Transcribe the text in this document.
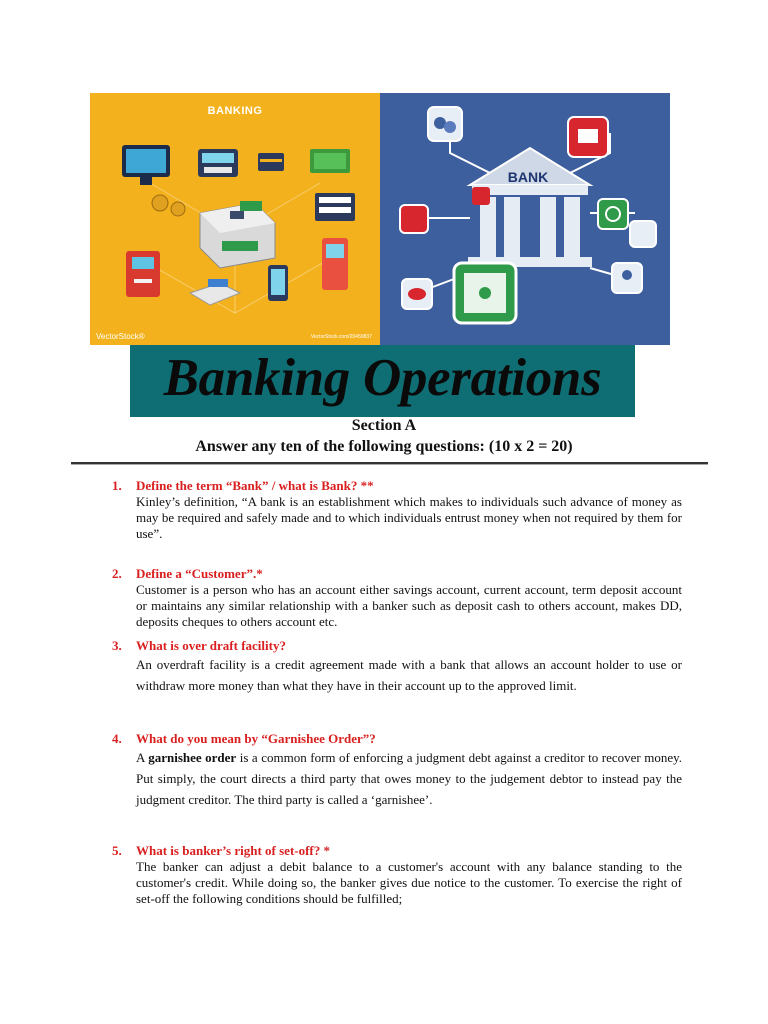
BANKING
VectorStock®	VectorStock.com/20459837
BANK
Banking Operations
Section A
Answer any ten of the following questions: (10 x 2 = 20)
1.	Define the term “Bank” / what is Bank? **
Kinley’s definition, “A bank is an establishment which makes to individuals such advance of money as may be required and safely made and to which individuals entrust money when not required by them for use”.
2.	Define a “Customer”.*
Customer is a person who has an account either savings account, current account, term deposit account or maintains any similar relationship with a banker such as deposit cash to others account, makes DD, deposits cheques to others account etc.
3.	What is over draft facility?
An overdraft facility is a credit agreement made with a bank that allows an account holder to use or withdraw more money than what they have in their account up to the approved limit.
4.	What do you mean by “Garnishee Order”?
A garnishee order is a common form of enforcing a judgment debt against a creditor to recover money. Put simply, the court directs a third party that owes money to the judgement debtor to instead pay the judgment creditor. The third party is called a ‘garnishee’.
5.	What is banker’s right of set-off? *
The banker can adjust a debit balance to a customer's account with any balance standing to the customer's credit. While doing so, the banker gives due notice to the customer. To exercise the right of set-off the following conditions should be fulfilled;
